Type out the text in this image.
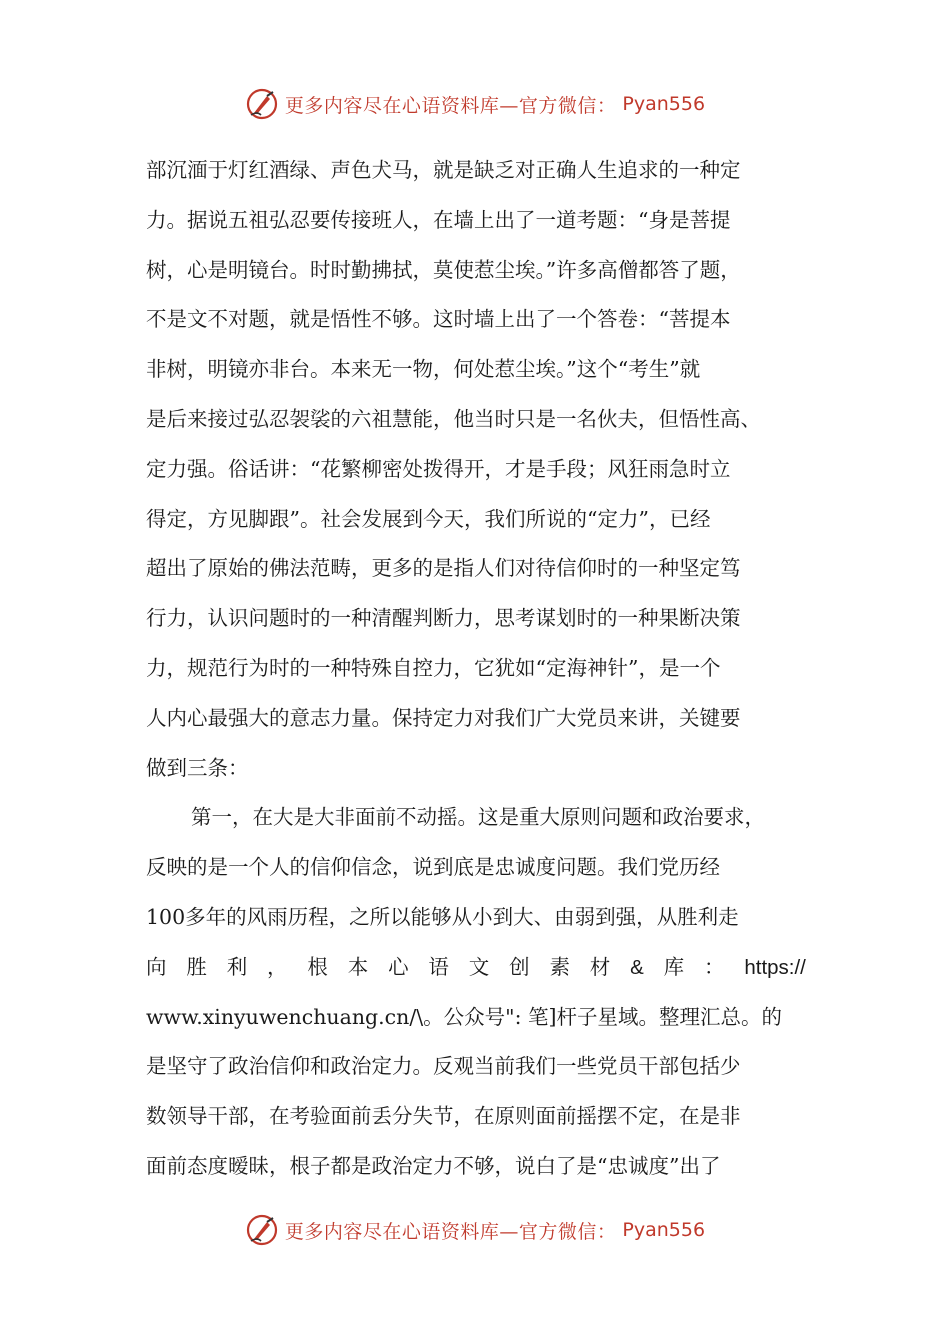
更多内容尽在心语资料库—官方微信： Pyan556
部沉湎于灯红酒绿、声色犬马，就是缺乏对正确人生追求的一种定
力。据说五祖弘忍要传接班人，在墙上出了一道考题：“身是菩提
树，心是明镜台。时时勤拂拭，莫使惹尘埃。”许多高僧都答了题，
不是文不对题，就是悟性不够。这时墙上出了一个答卷：“菩提本
非树，明镜亦非台。本来无一物，何处惹尘埃。”这个“考生”就
是后来接过弘忍袈裟的六祖慧能，他当时只是一名伙夫，但悟性高、
定力强。俗话讲：“花繁柳密处拨得开，才是手段；风狂雨急时立
得定，方见脚跟”。社会发展到今天，我们所说的“定力”，已经
超出了原始的佛法范畴，更多的是指人们对待信仰时的一种坚定笃
行力，认识问题时的一种清醒判断力，思考谋划时的一种果断决策
力，规范行为时的一种特殊自控力，它犹如“定海神针”，是一个
人内心最强大的意志力量。保持定力对我们广大党员来讲，关键要
做到三条：
第一，在大是大非面前不动摇。这是重大原则问题和政治要求，
反映的是一个人的信仰信念，说到底是忠诚度问题。我们党历经
100多年的风雨历程，之所以能够从小到大、由弱到强，从胜利走
向 胜 利 ， 根 本 心 语 文 创 素 材 & 库 ： https://
www.xinyuwenchuang.cn/\。公众号": 笔]杆子星域。整理汇总。的
是坚守了政治信仰和政治定力。反观当前我们一些党员干部包括少
数领导干部，在考验面前丢分失节，在原则面前摇摆不定，在是非
面前态度暧昧，根子都是政治定力不够，说白了是“忠诚度”出了
更多内容尽在心语资料库—官方微信： Pyan556
